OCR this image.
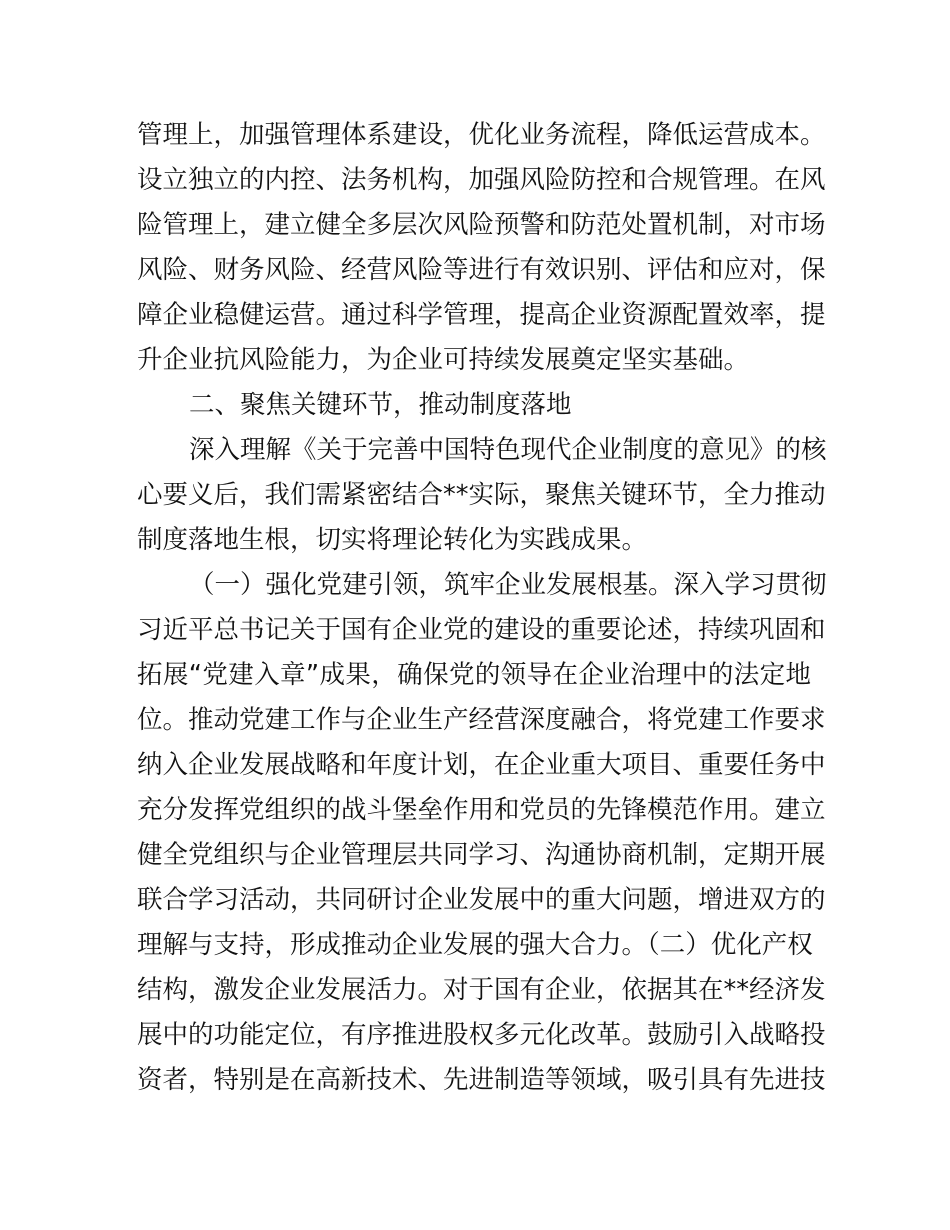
管理上，加强管理体系建设，优化业务流程，降低运营成本。
设立独立的内控、法务机构，加强风险防控和合规管理。在风
险管理上，建立健全多层次风险预警和防范处置机制，对市场
风险、财务风险、经营风险等进行有效识别、评估和应对，保
障企业稳健运营。通过科学管理，提高企业资源配置效率，提
升企业抗风险能力，为企业可持续发展奠定坚实基础。
二、聚焦关键环节，推动制度落地
深入理解《关于完善中国特色现代企业制度的意见》的核
心要义后，我们需紧密结合**实际，聚焦关键环节，全力推动
制度落地生根，切实将理论转化为实践成果。
（一）强化党建引领，筑牢企业发展根基。深入学习贯彻
习近平总书记关于国有企业党的建设的重要论述，持续巩固和
拓展“党建入章”成果，确保党的领导在企业治理中的法定地
位。推动党建工作与企业生产经营深度融合，将党建工作要求
纳入企业发展战略和年度计划，在企业重大项目、重要任务中
充分发挥党组织的战斗堡垒作用和党员的先锋模范作用。建立
健全党组织与企业管理层共同学习、沟通协商机制，定期开展
联合学习活动，共同研讨企业发展中的重大问题，增进双方的
理解与支持，形成推动企业发展的强大合力。（二）优化产权
结构，激发企业发展活力。对于国有企业，依据其在**经济发
展中的功能定位，有序推进股权多元化改革。鼓励引入战略投
资者，特别是在高新技术、先进制造等领域，吸引具有先进技
